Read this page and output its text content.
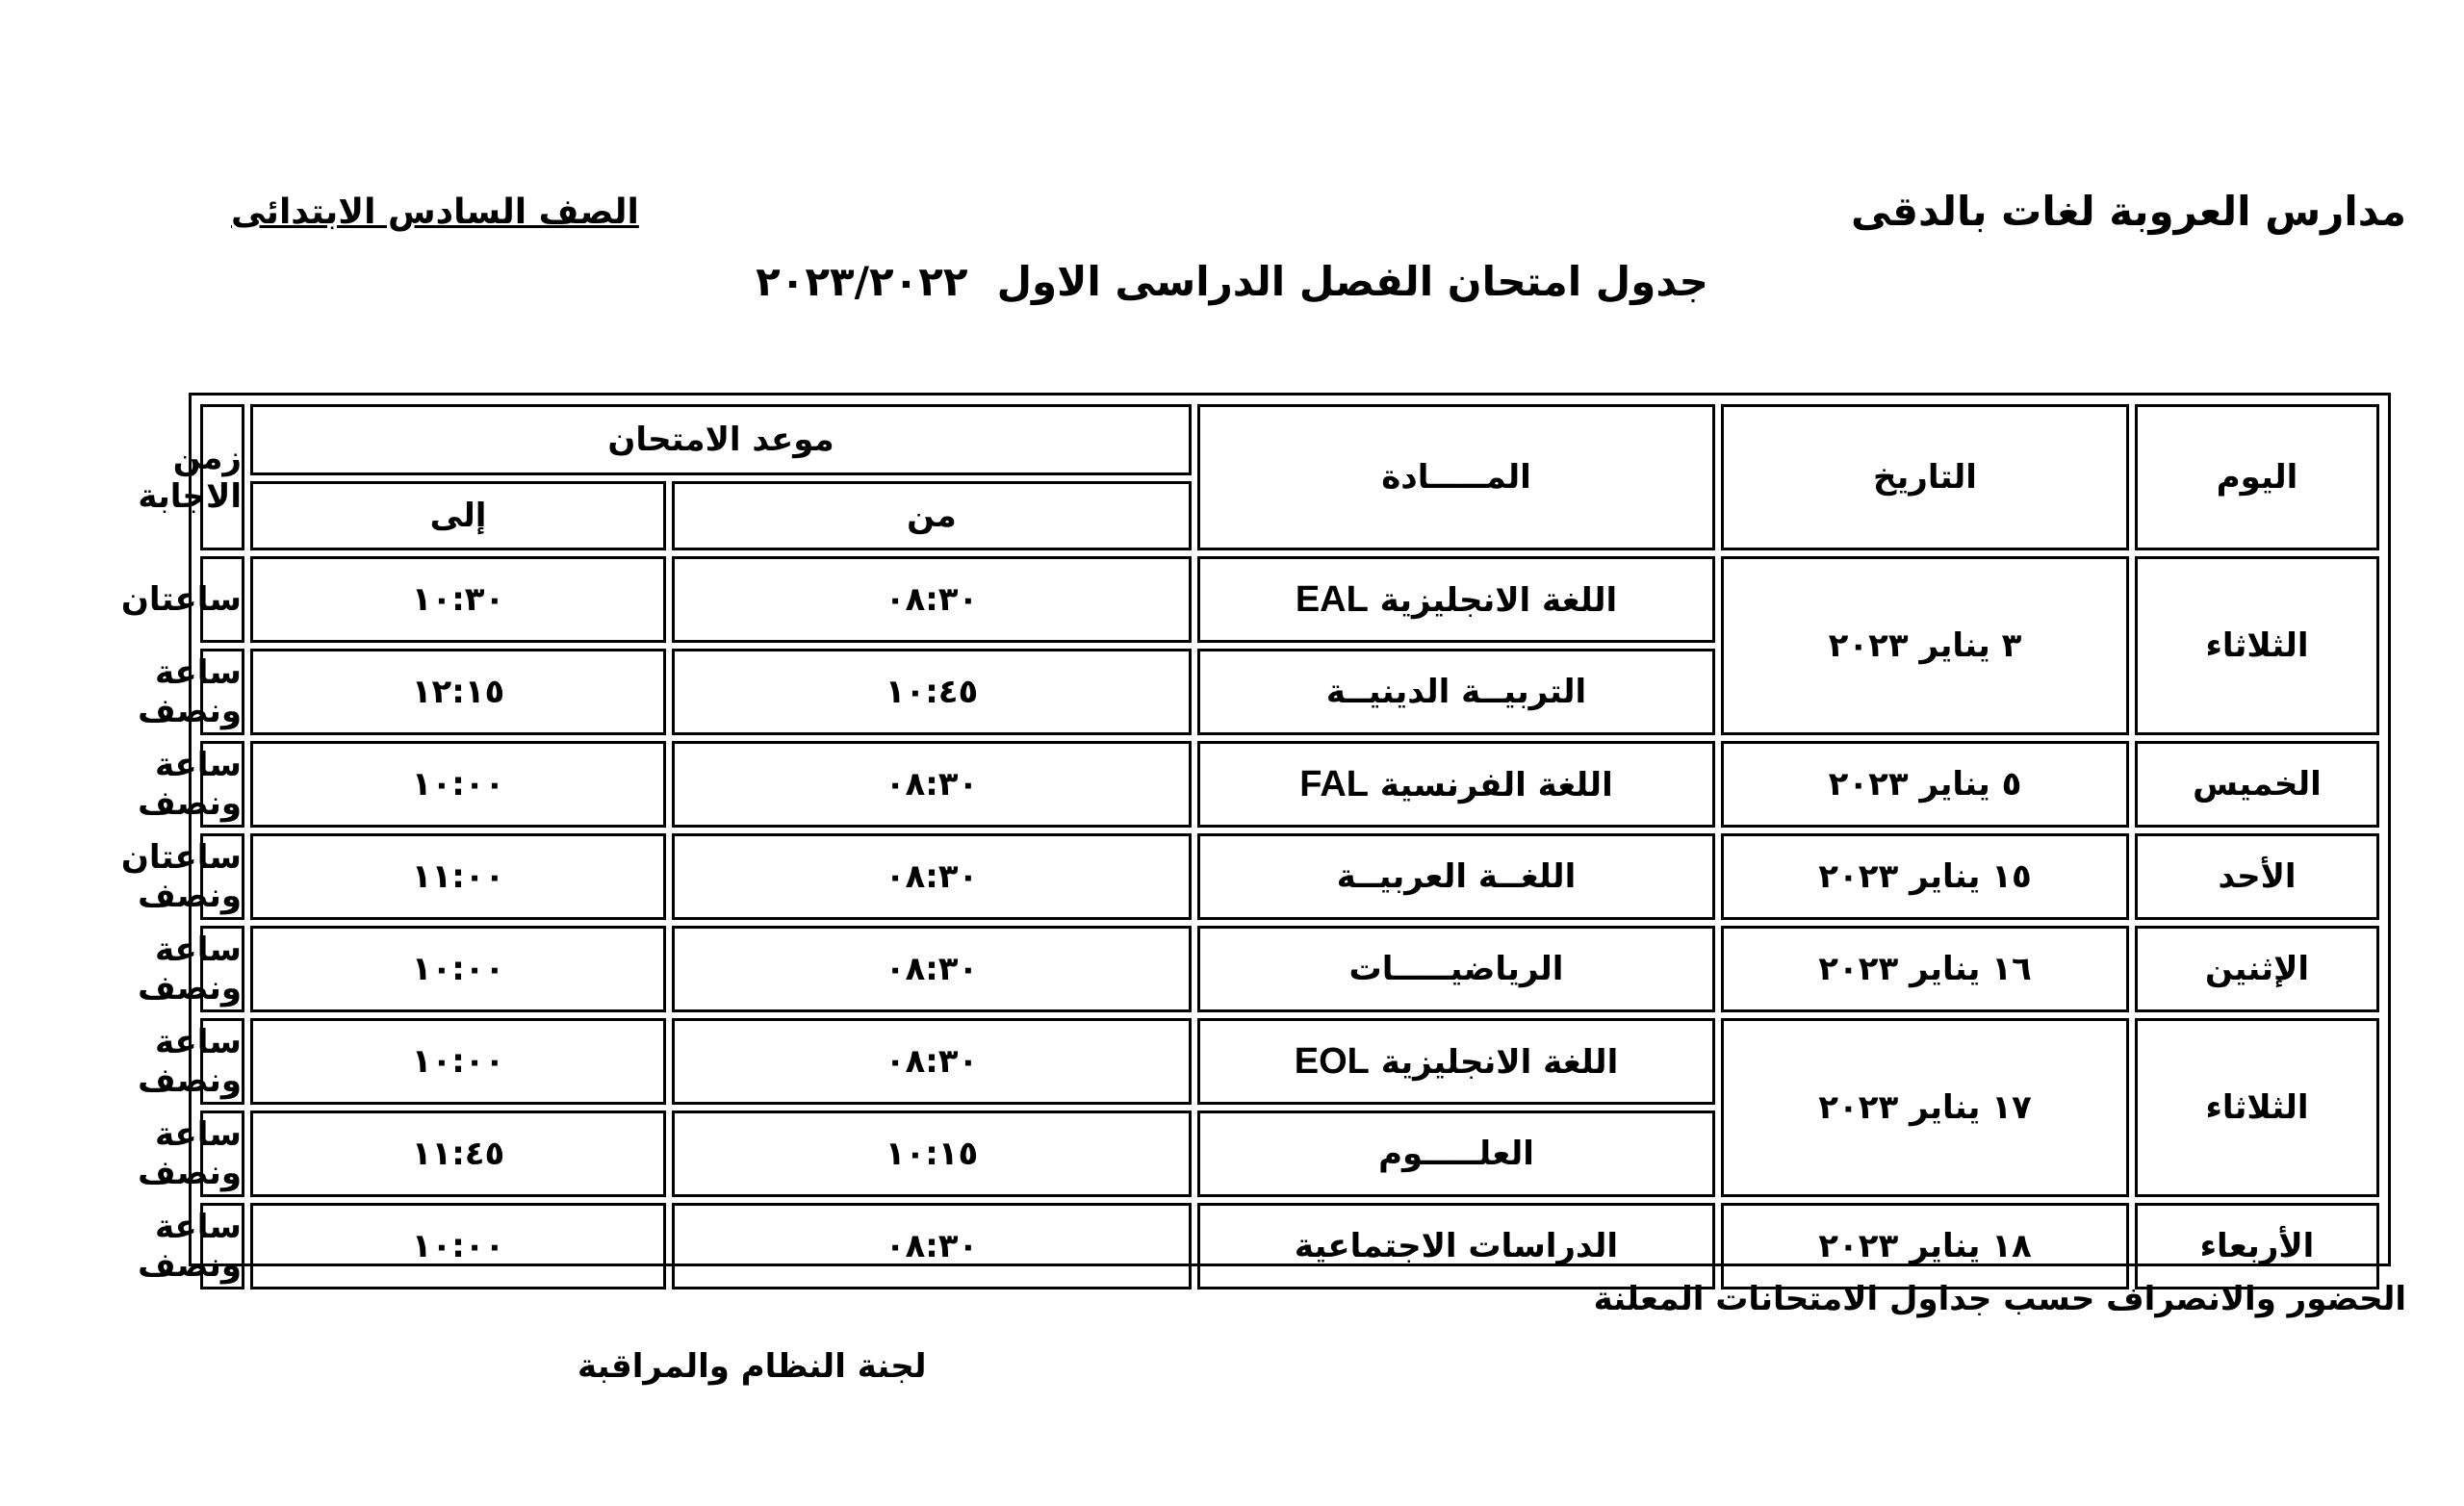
مدارس العروبة لغات بالدقى
الصف السادس الابتدائى
جدول امتحان الفصل الدراسى الاول٢٠٢٣/٢٠٢٢
اليوم	التاريخ	المـــــادة	موعد الامتحان		زمن الاجابة
			من	إلى	
الثلاثاء	٣ يناير ٢٠٢٣	اللغة الانجليزية EAL	٠٨:٣٠	١٠:٣٠	ساعتان
		التربيــة الدينيــة	١٠:٤٥	١٢:١٥	ساعة ونصف
الخميس	٥ يناير ٢٠٢٣	اللغة الفرنسية FAL	٠٨:٣٠	١٠:٠٠	ساعة ونصف
الأحد	١٥ يناير ٢٠٢٣	اللغــة العربيــة	٠٨:٣٠	١١:٠٠	ساعتان ونصف
الإثنين	١٦ يناير ٢٠٢٣	الرياضيـــــات	٠٨:٣٠	١٠:٠٠	ساعة ونصف
الثلاثاء	١٧ يناير ٢٠٢٣	اللغة الانجليزية EOL	٠٨:٣٠	١٠:٠٠	ساعة ونصف
		العلـــــوم	١٠:١٥	١١:٤٥	ساعة ونصف
الأربعاء	١٨ يناير ٢٠٢٣	الدراسات الاجتماعية	٠٨:٣٠	١٠:٠٠	ساعة ونصف
الحضور والانصراف حسب جداول الامتحانات المعلنة
لجنة النظام والمراقبة
